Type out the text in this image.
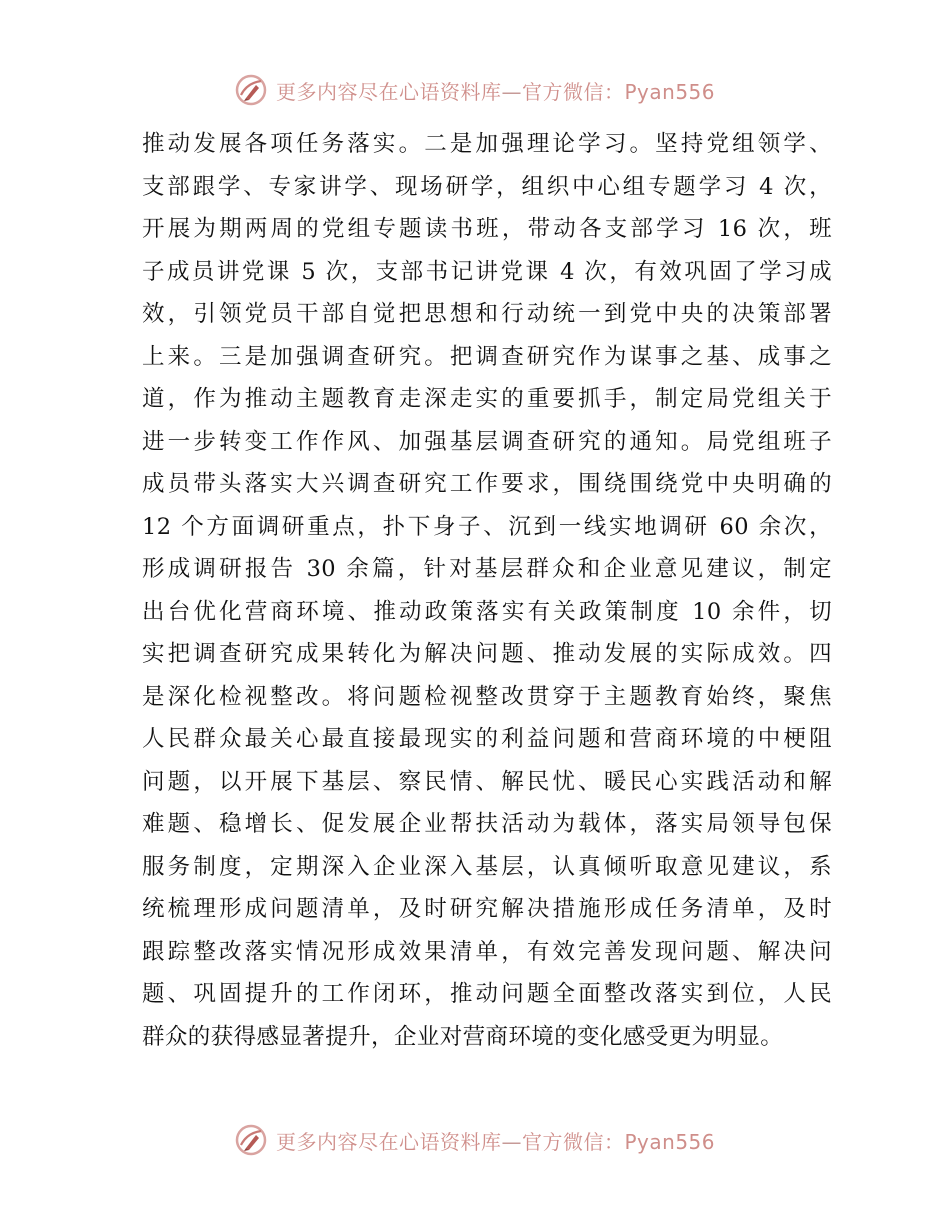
更多内容尽在心语资料库—官方微信：Pyan556
推动发展各项任务落实。二是加强理论学习。坚持党组领学、
支部跟学、专家讲学、现场研学，组织中心组专题学习 4 次，
开展为期两周的党组专题读书班，带动各支部学习 16 次，班
子成员讲党课 5 次，支部书记讲党课 4 次，有效巩固了学习成
效，引领党员干部自觉把思想和行动统一到党中央的决策部署
上来。三是加强调查研究。把调查研究作为谋事之基、成事之
道，作为推动主题教育走深走实的重要抓手，制定局党组关于
进一步转变工作作风、加强基层调查研究的通知。局党组班子
成员带头落实大兴调查研究工作要求，围绕围绕党中央明确的
12 个方面调研重点，扑下身子、沉到一线实地调研 60 余次，
形成调研报告 30 余篇，针对基层群众和企业意见建议，制定
出台优化营商环境、推动政策落实有关政策制度 10 余件，切
实把调查研究成果转化为解决问题、推动发展的实际成效。四
是深化检视整改。将问题检视整改贯穿于主题教育始终，聚焦
人民群众最关心最直接最现实的利益问题和营商环境的中梗阻
问题，以开展下基层、察民情、解民忧、暖民心实践活动和解
难题、稳增长、促发展企业帮扶活动为载体，落实局领导包保
服务制度，定期深入企业深入基层，认真倾听取意见建议，系
统梳理形成问题清单，及时研究解决措施形成任务清单，及时
跟踪整改落实情况形成效果清单，有效完善发现问题、解决问
题、巩固提升的工作闭环，推动问题全面整改落实到位，人民
群众的获得感显著提升，企业对营商环境的变化感受更为明显。
更多内容尽在心语资料库—官方微信：Pyan556
